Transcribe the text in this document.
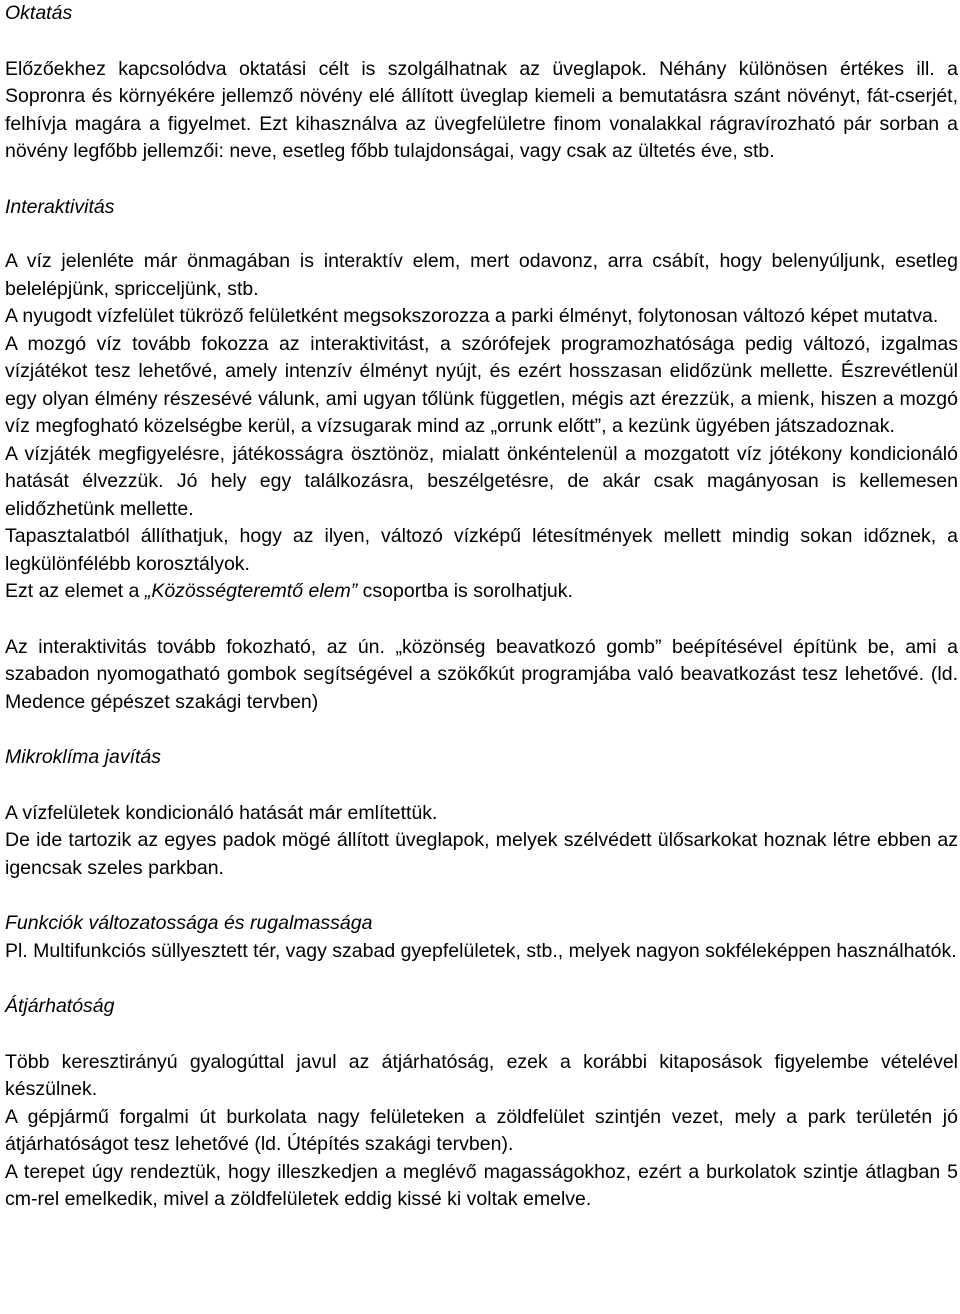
Oktatás

Előzőekhez kapcsolódva oktatási célt is szolgálhatnak az üveglapok. Néhány különösen értékes ill. a Sopronra és környékére jellemző növény elé állított üveglap kiemeli a bemutatásra szánt növényt, fát-cserjét, felhívja magára a figyelmet. Ezt kihasználva az üvegfelületre finom vonalakkal rágravírozható pár sorban a növény legfőbb jellemzői: neve, esetleg főbb tulajdonságai, vagy csak az ültetés éve, stb.

Interaktivitás

A víz jelenléte már önmagában is interaktív elem, mert odavonz, arra csábít, hogy belenyúljunk, esetleg belelépjünk, spricceljünk, stb.

A nyugodt vízfelület tükröző felületként megsokszorozza a parki élményt, folytonosan változó képet mutatva.

A mozgó víz tovább fokozza az interaktivitást, a szórófejek programozhatósága pedig változó, izgalmas vízjátékot tesz lehetővé, amely intenzív élményt nyújt, és ezért hosszasan elidőzünk mellette. Észrevétlenül egy olyan élmény részesévé válunk, ami ugyan tőlünk független, mégis azt érezzük, a mienk, hiszen a mozgó víz megfogható közelségbe kerül, a vízsugarak mind az „orrunk előtt”, a kezünk ügyében játszadoznak.

A vízjáték megfigyelésre, játékosságra ösztönöz, mialatt önkéntelenül a mozgatott víz jótékony kondicionáló hatását élvezzük. Jó hely egy találkozásra, beszélgetésre, de akár csak magányosan is kellemesen elidőzhetünk mellette.

Tapasztalatból állíthatjuk, hogy az ilyen, változó vízképű létesítmények mellett mindig sokan időznek, a legkülönfélébb korosztályok.

Ezt az elemet a „Közösségteremtő elem” csoportba is sorolhatjuk.

Az interaktivitás tovább fokozható, az ún. „közönség beavatkozó gomb” beépítésével építünk be, ami a szabadon nyomogatható gombok segítségével a szökőkút programjába való beavatkozást tesz lehetővé. (ld. Medence gépészet szakági tervben)

Mikroklíma javítás

A vízfelületek kondicionáló hatását már említettük.

De ide tartozik az egyes padok mögé állított üveglapok, melyek szélvédett ülősarkokat hoznak létre ebben az igencsak szeles parkban.

Funkciók változatossága és rugalmassága

Pl. Multifunkciós süllyesztett tér, vagy szabad gyepfelületek, stb., melyek nagyon sokféleképpen használhatók.

Átjárhatóság

Több keresztirányú gyalogúttal javul az átjárhatóság, ezek a korábbi kitaposások figyelembe vételével készülnek.

A gépjármű forgalmi út burkolata nagy felületeken a zöldfelület szintjén vezet, mely a park területén jó átjárhatóságot tesz lehetővé (ld. Útépítés szakági tervben).

A terepet úgy rendeztük, hogy illeszkedjen a meglévő magasságokhoz, ezért a burkolatok szintje átlagban 5 cm-rel emelkedik, mivel a zöldfelületek eddig kissé ki voltak emelve.
